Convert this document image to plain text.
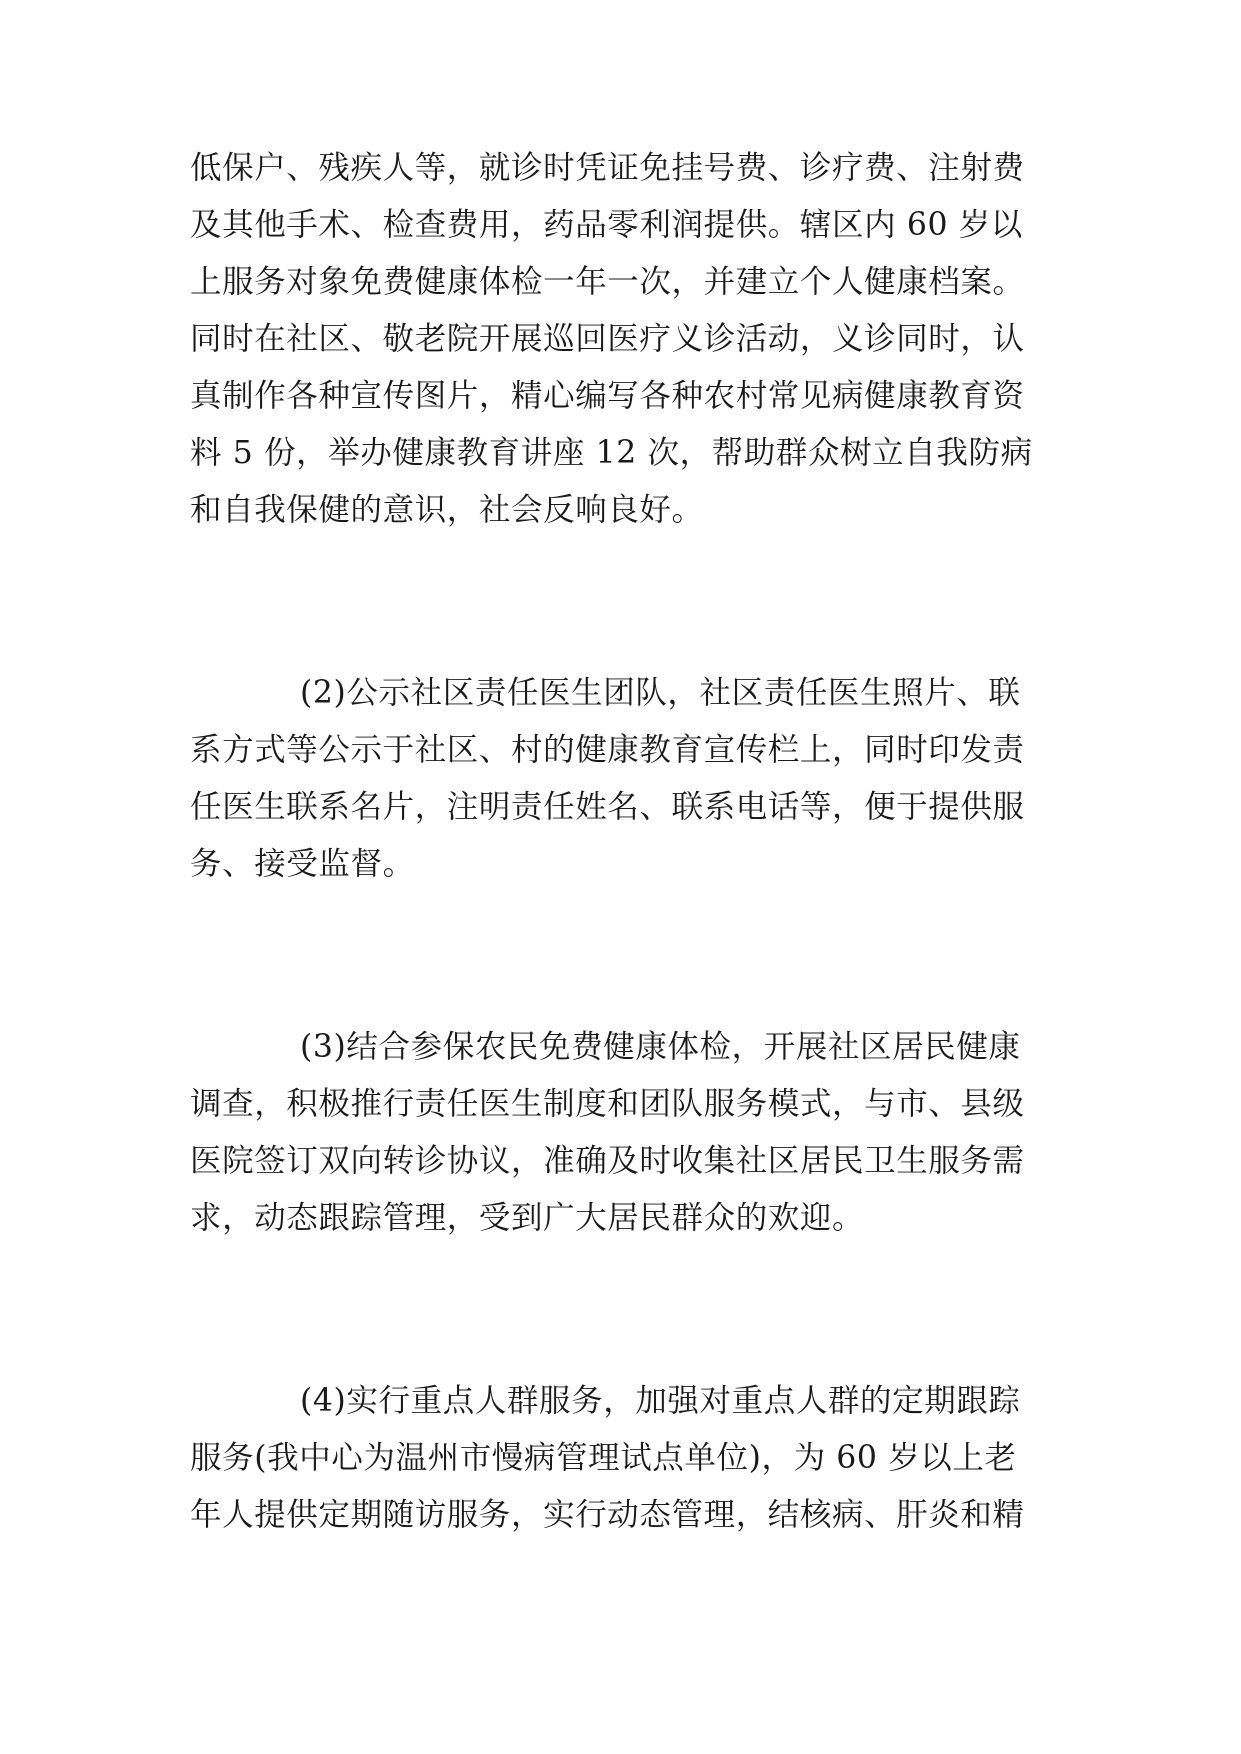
低保户、残疾人等，就诊时凭证免挂号费、诊疗费、注射费
及其他手术、检查费用，药品零利润提供。辖区内 60 岁以
上服务对象免费健康体检一年一次，并建立个人健康档案。
同时在社区、敬老院开展巡回医疗义诊活动，义诊同时，认
真制作各种宣传图片，精心编写各种农村常见病健康教育资
料 5 份，举办健康教育讲座 12 次，帮助群众树立自我防病
和自我保健的意识，社会反响良好。
(2)公示社区责任医生团队，社区责任医生照片、联
系方式等公示于社区、村的健康教育宣传栏上，同时印发责
任医生联系名片，注明责任姓名、联系电话等，便于提供服
务、接受监督。
(3)结合参保农民免费健康体检，开展社区居民健康
调查，积极推行责任医生制度和团队服务模式，与市、县级
医院签订双向转诊协议，准确及时收集社区居民卫生服务需
求，动态跟踪管理，受到广大居民群众的欢迎。
(4)实行重点人群服务，加强对重点人群的定期跟踪
服务(我中心为温州市慢病管理试点单位)，为 60 岁以上老
年人提供定期随访服务，实行动态管理，结核病、肝炎和精
